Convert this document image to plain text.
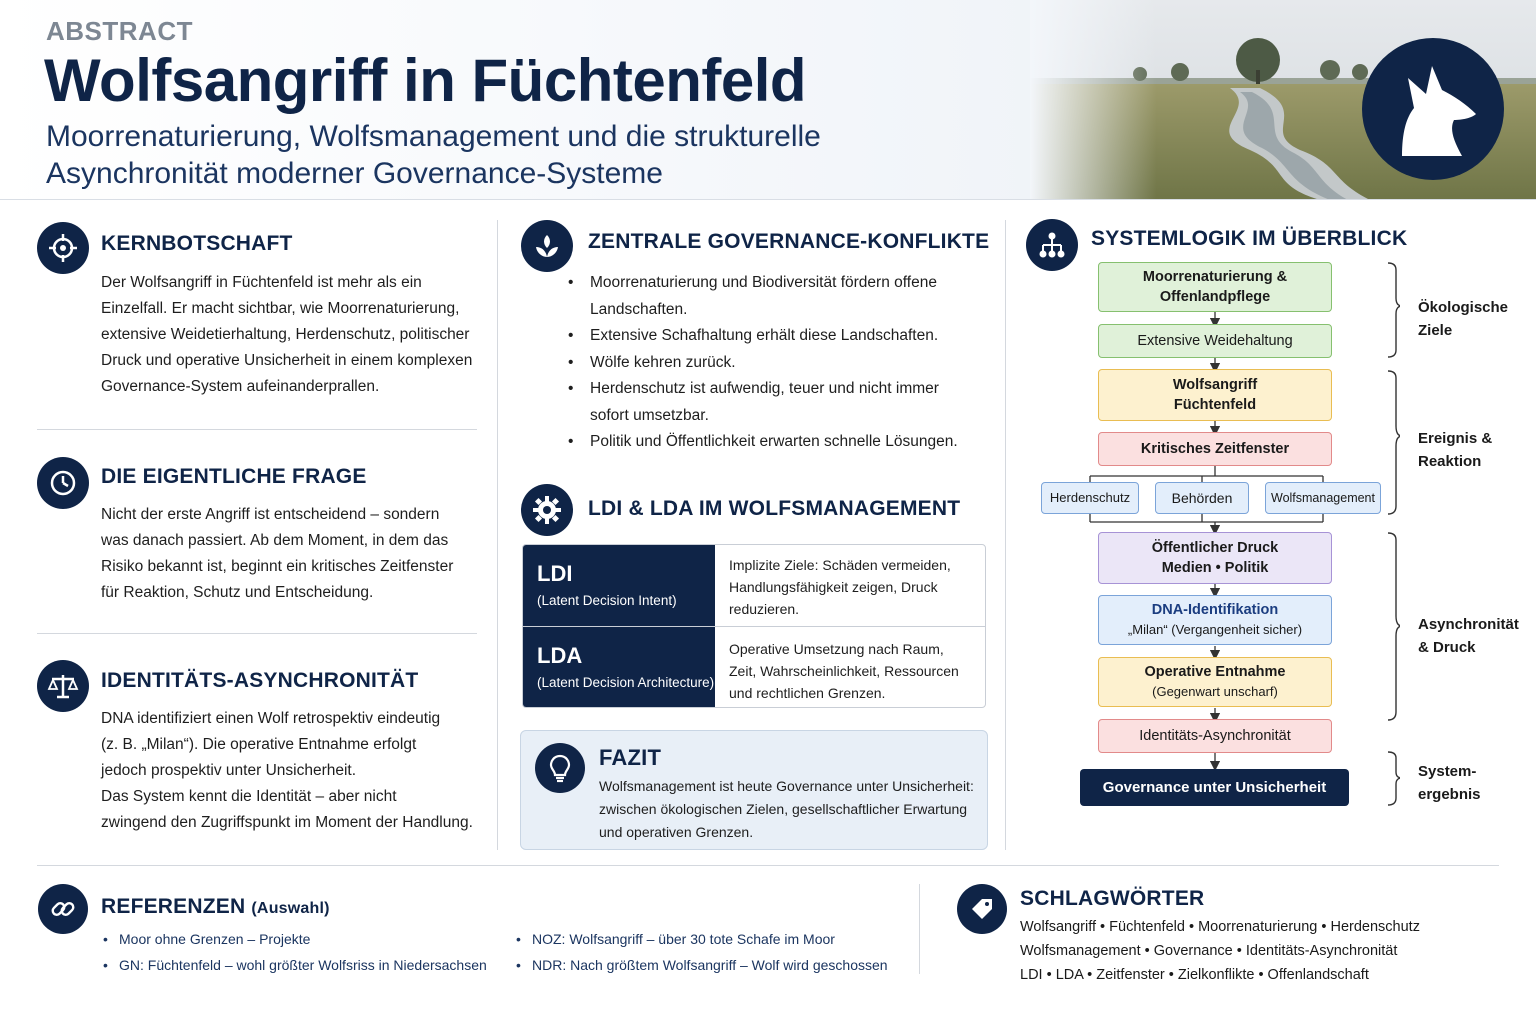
ABSTRACT
Wolfsangriff in Füchtenfeld
Moorrenaturierung, Wolfsmanagement und die strukturelle
Asynchronität moderner Governance-Systeme
KERNBOTSCHAFT
Der Wolfsangriff in Füchtenfeld ist mehr als ein
Einzelfall. Er macht sichtbar, wie Moorrenaturierung,
extensive Weidetierhaltung, Herdenschutz, politischer
Druck und operative Unsicherheit in einem komplexen
Governance-System aufeinanderprallen.
DIE EIGENTLICHE FRAGE
Nicht der erste Angriff ist entscheidend – sondern
was danach passiert. Ab dem Moment, in dem das
Risiko bekannt ist, beginnt ein kritisches Zeitfenster
für Reaktion, Schutz und Entscheidung.
IDENTITÄTS-ASYNCHRONITÄT
DNA identifiziert einen Wolf retrospektiv eindeutig
(z. B. „Milan“). Die operative Entnahme erfolgt
jedoch prospektiv unter Unsicherheit.
Das System kennt die Identität – aber nicht
zwingend den Zugriffspunkt im Moment der Handlung.
ZENTRALE GOVERNANCE-KONFLIKTE
• Moorrenaturierung und Biodiversität fördern offene
Landschaften.
• Extensive Schafhaltung erhält diese Landschaften.
• Wölfe kehren zurück.
• Herdenschutz ist aufwendig, teuer und nicht immer
sofort umsetzbar.
• Politik und Öffentlichkeit erwarten schnelle Lösungen.
LDI & LDA IM WOLFSMANAGEMENT
LDI
(Latent Decision Intent)
Implizite Ziele: Schäden vermeiden,
Handlungsfähigkeit zeigen, Druck
reduzieren.
LDA
(Latent Decision Architecture)
Operative Umsetzung nach Raum,
Zeit, Wahrscheinlichkeit, Ressourcen
und rechtlichen Grenzen.
FAZIT
Wolfsmanagement ist heute Governance unter Unsicherheit:
zwischen ökologischen Zielen, gesellschaftlicher Erwartung
und operativen Grenzen.
SYSTEMLOGIK IM ÜBERBLICK
Moorrenaturierung &
Offenlandpflege
Extensive Weidehaltung
Wolfsangriff
Füchtenfeld
Kritisches Zeitfenster
Herdenschutz	Behörden	Wolfsmanagement
Öffentlicher Druck
Medien • Politik
DNA-Identifikation
„Milan“ (Vergangenheit sicher)
Operative Entnahme
(Gegenwart unscharf)
Identitäts-Asynchronität
Governance unter Unsicherheit
Ökologische
Ziele
Ereignis &
Reaktion
Asynchronität
& Druck
System-
ergebnis
REFERENZEN (Auswahl)
• Moor ohne Grenzen – Projekte
• GN: Füchtenfeld – wohl größter Wolfsriss in Niedersachsen
• NOZ: Wolfsangriff – über 30 tote Schafe im Moor
• NDR: Nach größtem Wolfsangriff – Wolf wird geschossen
SCHLAGWÖRTER
Wolfsangriff • Füchtenfeld • Moorrenaturierung • Herdenschutz
Wolfsmanagement • Governance • Identitäts-Asynchronität
LDI • LDA • Zeitfenster • Zielkonflikte • Offenlandschaft
